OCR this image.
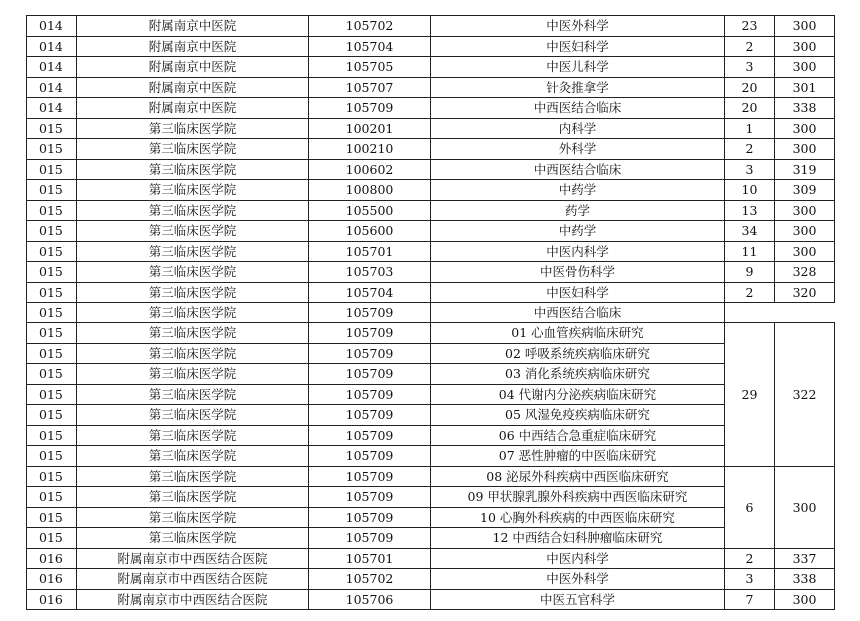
014	附属南京中医院	105702	中医外科学	23	300
014	附属南京中医院	105704	中医妇科学	2	300
014	附属南京中医院	105705	中医儿科学	3	300
014	附属南京中医院	105707	针灸推拿学	20	301
014	附属南京中医院	105709	中西医结合临床	20	338
015	第三临床医学院	100201	内科学	1	300
015	第三临床医学院	100210	外科学	2	300
015	第三临床医学院	100602	中西医结合临床	3	319
015	第三临床医学院	100800	中药学	10	309
015	第三临床医学院	105500	药学	13	300
015	第三临床医学院	105600	中药学	34	300
015	第三临床医学院	105701	中医内科学	11	300
015	第三临床医学院	105703	中医骨伤科学	9	328
015	第三临床医学院	105704	中医妇科学	2	320
015	第三临床医学院	105709	中西医结合临床		
015	第三临床医学院	105709	01 心血管疾病临床研究	29	322
015	第三临床医学院	105709	02 呼吸系统疾病临床研究		
015	第三临床医学院	105709	03 消化系统疾病临床研究		
015	第三临床医学院	105709	04 代谢内分泌疾病临床研究		
015	第三临床医学院	105709	05 风湿免疫疾病临床研究		
015	第三临床医学院	105709	06 中西结合急重症临床研究		
015	第三临床医学院	105709	07 恶性肿瘤的中医临床研究		
015	第三临床医学院	105709	08 泌尿外科疾病中西医临床研究	6	300
015	第三临床医学院	105709	09 甲状腺乳腺外科疾病中西医临床研究		
015	第三临床医学院	105709	10 心胸外科疾病的中西医临床研究		
015	第三临床医学院	105709	12 中西结合妇科肿瘤临床研究		
016	附属南京市中西医结合医院	105701	中医内科学	2	337
016	附属南京市中西医结合医院	105702	中医外科学	3	338
016	附属南京市中西医结合医院	105706	中医五官科学	7	300
